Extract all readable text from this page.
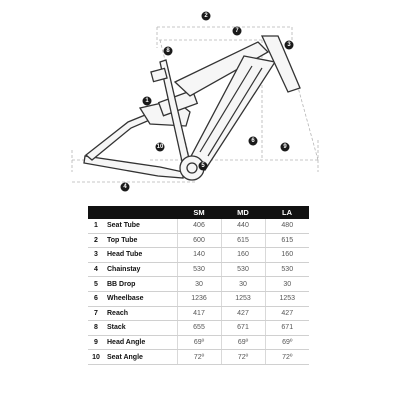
1
2
3
4
5
6
7
8
9
10
		SM	MD	LA
1	Seat Tube	406	440	480
2	Top Tube	600	615	615
3	Head Tube	140	160	160
4	Chainstay	530	530	530
5	BB Drop	30	30	30
6	Wheelbase	1236	1253	1253
7	Reach	417	427	427
8	Stack	655	671	671
9	Head Angle	69º	69º	69º
10	Seat Angle	72º	72º	72º
